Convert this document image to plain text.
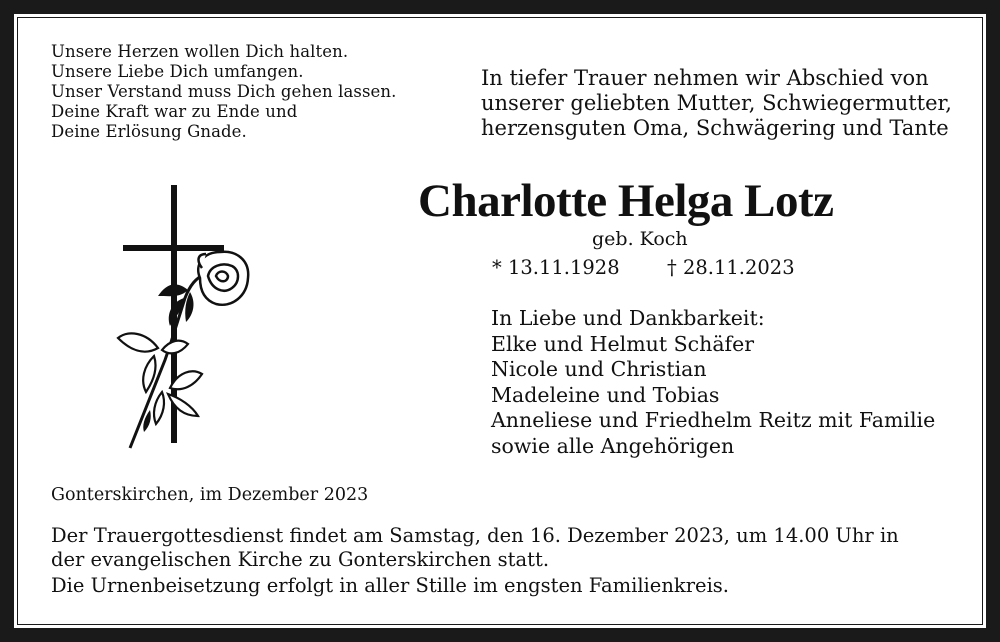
Unsere Herzen wollen Dich halten.
Unsere Liebe Dich umfangen.
Unser Verstand muss Dich gehen lassen.
Deine Kraft war zu Ende und
Deine Erlösung Gnade.
In tiefer Trauer nehmen wir Abschied von
unserer geliebten Mutter, Schwiegermutter,
herzensguten Oma, Schwägering und Tante
Charlotte Helga Lotz
geb. Koch
* 13.11.1928 † 28.11.2023
In Liebe und Dankbarkeit:
Elke und Helmut Schäfer
Nicole und Christian
Madeleine und Tobias
Anneliese und Friedhelm Reitz mit Familie
sowie alle Angehörigen
Gonterskirchen, im Dezember 2023
Der Trauergottesdienst findet am Samstag, den 16. Dezember 2023, um 14.00 Uhr in
der evangelischen Kirche zu Gonterskirchen statt.
Die Urnenbeisetzung erfolgt in aller Stille im engsten Familienkreis.
